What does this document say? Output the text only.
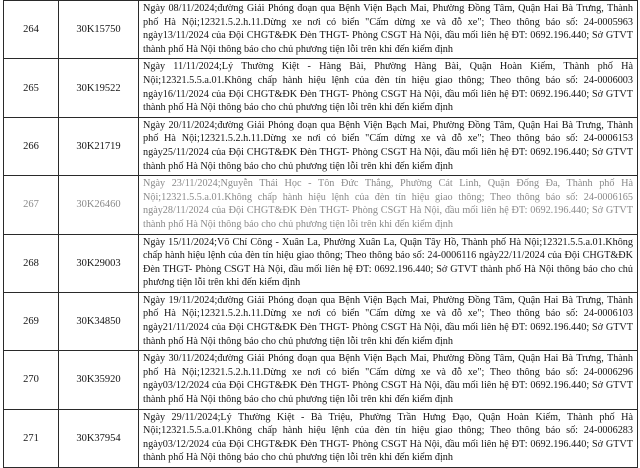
264	30K15750	Ngày 08/11/2024;đường Giải Phóng đoạn qua Bệnh Viện Bạch Mai, Phường Đồng Tâm, Quận Hai Bà Trưng, Thành phố Hà Nội;12321.5.2.h.11.Dừng xe nơi có biển "Cấm dừng xe và đỗ xe"; Theo thông báo số: 24-0005963 ngày13/11/2024 của Đội CHGT&ĐK Đèn THGT- Phòng CSGT Hà Nội, đầu mối liên hệ ĐT: 0692.196.440; Sở GTVT thành phố Hà Nội thông báo cho chủ phương tiện lỗi trên khi đến kiểm định
265	30K19522	Ngày 11/11/2024;Lý Thường Kiệt - Hàng Bài, Phường Hàng Bài, Quận Hoàn Kiếm, Thành phố Hà Nội;12321.5.5.a.01.Không chấp hành hiệu lệnh của đèn tín hiệu giao thông; Theo thông báo số: 24-0006003 ngày16/11/2024 của Đội CHGT&ĐK Đèn THGT- Phòng CSGT Hà Nội, đầu mối liên hệ ĐT: 0692.196.440; Sở GTVT thành phố Hà Nội thông báo cho chủ phương tiện lỗi trên khi đến kiểm định
266	30K21719	Ngày 20/11/2024;đường Giải Phóng đoạn qua Bệnh Viện Bạch Mai, Phường Đồng Tâm, Quận Hai Bà Trưng, Thành phố Hà Nội;12321.5.2.h.11.Dừng xe nơi có biển "Cấm dừng xe và đỗ xe"; Theo thông báo số: 24-0006153 ngày25/11/2024 của Đội CHGT&ĐK Đèn THGT- Phòng CSGT Hà Nội, đầu mối liên hệ ĐT: 0692.196.440; Sở GTVT thành phố Hà Nội thông báo cho chủ phương tiện lỗi trên khi đến kiểm định
267	30K26460	Ngày 23/11/2024;Nguyễn Thái Học - Tôn Đức Thắng, Phường Cát Linh, Quận Đống Đa, Thành phố Hà Nội;12321.5.5.a.01.Không chấp hành hiệu lệnh của đèn tín hiệu giao thông; Theo thông báo số: 24-0006165 ngày28/11/2024 của Đội CHGT&ĐK Đèn THGT- Phòng CSGT Hà Nội, đầu mối liên hệ ĐT: 0692.196.440; Sở GTVT thành phố Hà Nội thông báo cho chủ phương tiện lỗi trên khi đến kiểm định
268	30K29003	Ngày 15/11/2024;Võ Chí Công - Xuân La, Phường Xuân La, Quận Tây Hồ, Thành phố Hà Nội;12321.5.5.a.01.Không chấp hành hiệu lệnh của đèn tín hiệu giao thông; Theo thông báo số: 24-0006116 ngày22/11/2024 của Đội CHGT&ĐK Đèn THGT- Phòng CSGT Hà Nội, đầu mối liên hệ ĐT: 0692.196.440; Sở GTVT thành phố Hà Nội thông báo cho chủ phương tiện lỗi trên khi đến kiểm định
269	30K34850	Ngày 19/11/2024;đường Giải Phóng đoạn qua Bệnh Viện Bạch Mai, Phường Đồng Tâm, Quận Hai Bà Trưng, Thành phố Hà Nội;12321.5.2.h.11.Dừng xe nơi có biển "Cấm dừng xe và đỗ xe"; Theo thông báo số: 24-0006103 ngày21/11/2024 của Đội CHGT&ĐK Đèn THGT- Phòng CSGT Hà Nội, đầu mối liên hệ ĐT: 0692.196.440; Sở GTVT thành phố Hà Nội thông báo cho chủ phương tiện lỗi trên khi đến kiểm định
270	30K35920	Ngày 30/11/2024;đường Giải Phóng đoạn qua Bệnh Viện Bạch Mai, Phường Đồng Tâm, Quận Hai Bà Trưng, Thành phố Hà Nội;12321.5.2.h.11.Dừng xe nơi có biển "Cấm dừng xe và đỗ xe"; Theo thông báo số: 24-0006296 ngày03/12/2024 của Đội CHGT&ĐK Đèn THGT- Phòng CSGT Hà Nội, đầu mối liên hệ ĐT: 0692.196.440; Sở GTVT thành phố Hà Nội thông báo cho chủ phương tiện lỗi trên khi đến kiểm định
271	30K37954	Ngày 29/11/2024;Lý Thường Kiệt - Bà Triệu, Phường Trần Hưng Đạo, Quận Hoàn Kiếm, Thành phố Hà Nội;12321.5.5.a.01.Không chấp hành hiệu lệnh của đèn tín hiệu giao thông; Theo thông báo số: 24-0006283 ngày03/12/2024 của Đội CHGT&ĐK Đèn THGT- Phòng CSGT Hà Nội, đầu mối liên hệ ĐT: 0692.196.440; Sở GTVT thành phố Hà Nội thông báo cho chủ phương tiện lỗi trên khi đến kiểm định
